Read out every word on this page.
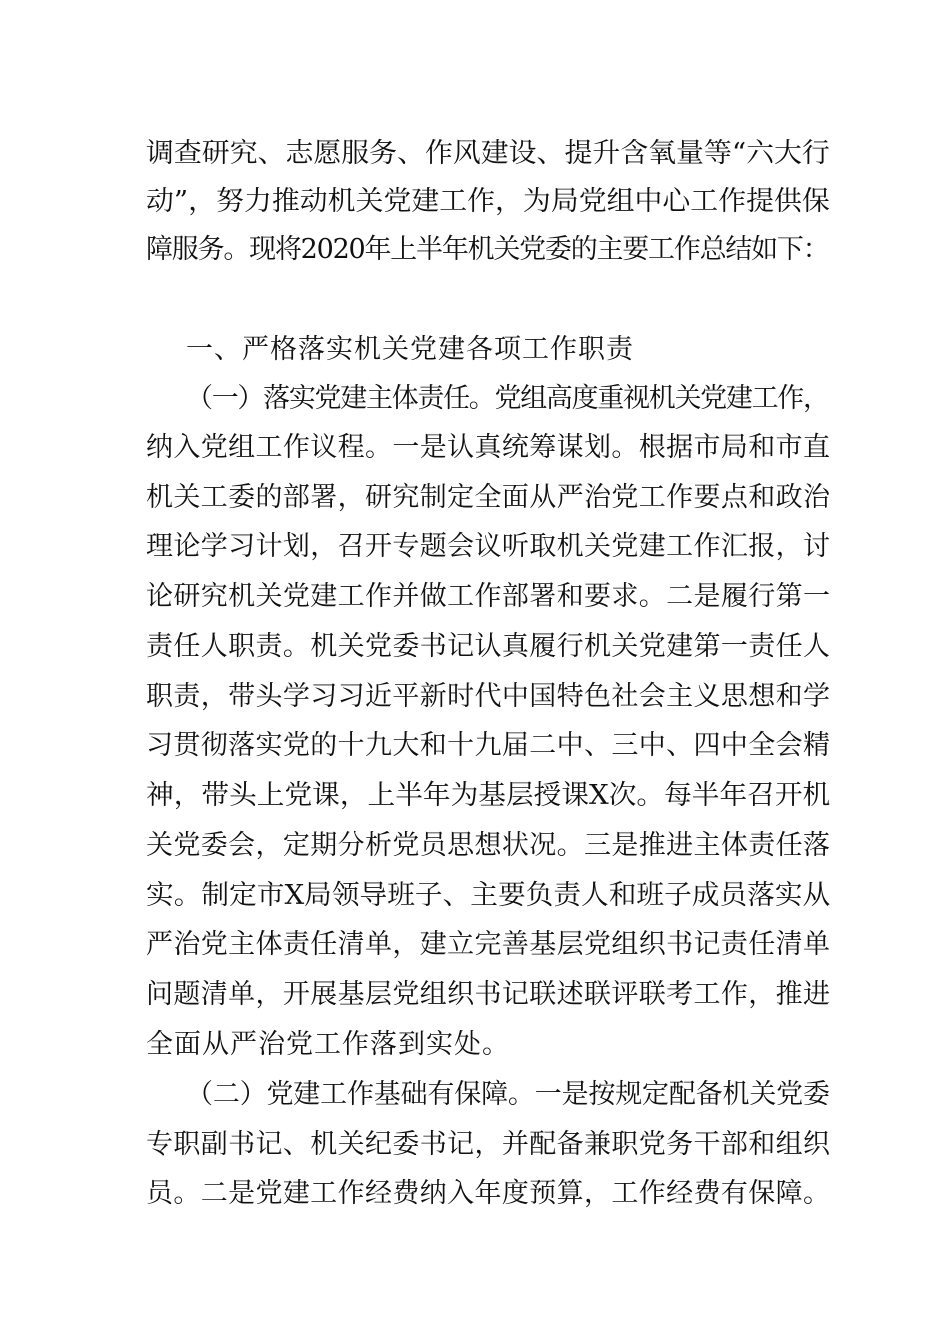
调查研究、志愿服务、作风建设、提升含氧量等“六大行
动”，努力推动机关党建工作，为局党组中心工作提供保
障服务。现将2020年上半年机关党委的主要工作总结如下：
一、严格落实机关党建各项工作职责
（一）落实党建主体责任。党组高度重视机关党建工作，
纳入党组工作议程。一是认真统筹谋划。根据市局和市直
机关工委的部署，研究制定全面从严治党工作要点和政治
理论学习计划，召开专题会议听取机关党建工作汇报，讨
论研究机关党建工作并做工作部署和要求。二是履行第一
责任人职责。机关党委书记认真履行机关党建第一责任人
职责，带头学习习近平新时代中国特色社会主义思想和学
习贯彻落实党的十九大和十九届二中、三中、四中全会精
神，带头上党课，上半年为基层授课X次。每半年召开机
关党委会，定期分析党员思想状况。三是推进主体责任落
实。制定市X局领导班子、主要负责人和班子成员落实从
严治党主体责任清单，建立完善基层党组织书记责任清单
问题清单，开展基层党组织书记联述联评联考工作，推进
全面从严治党工作落到实处。
（二）党建工作基础有保障。一是按规定配备机关党委
专职副书记、机关纪委书记，并配备兼职党务干部和组织
员。二是党建工作经费纳入年度预算，工作经费有保障。
